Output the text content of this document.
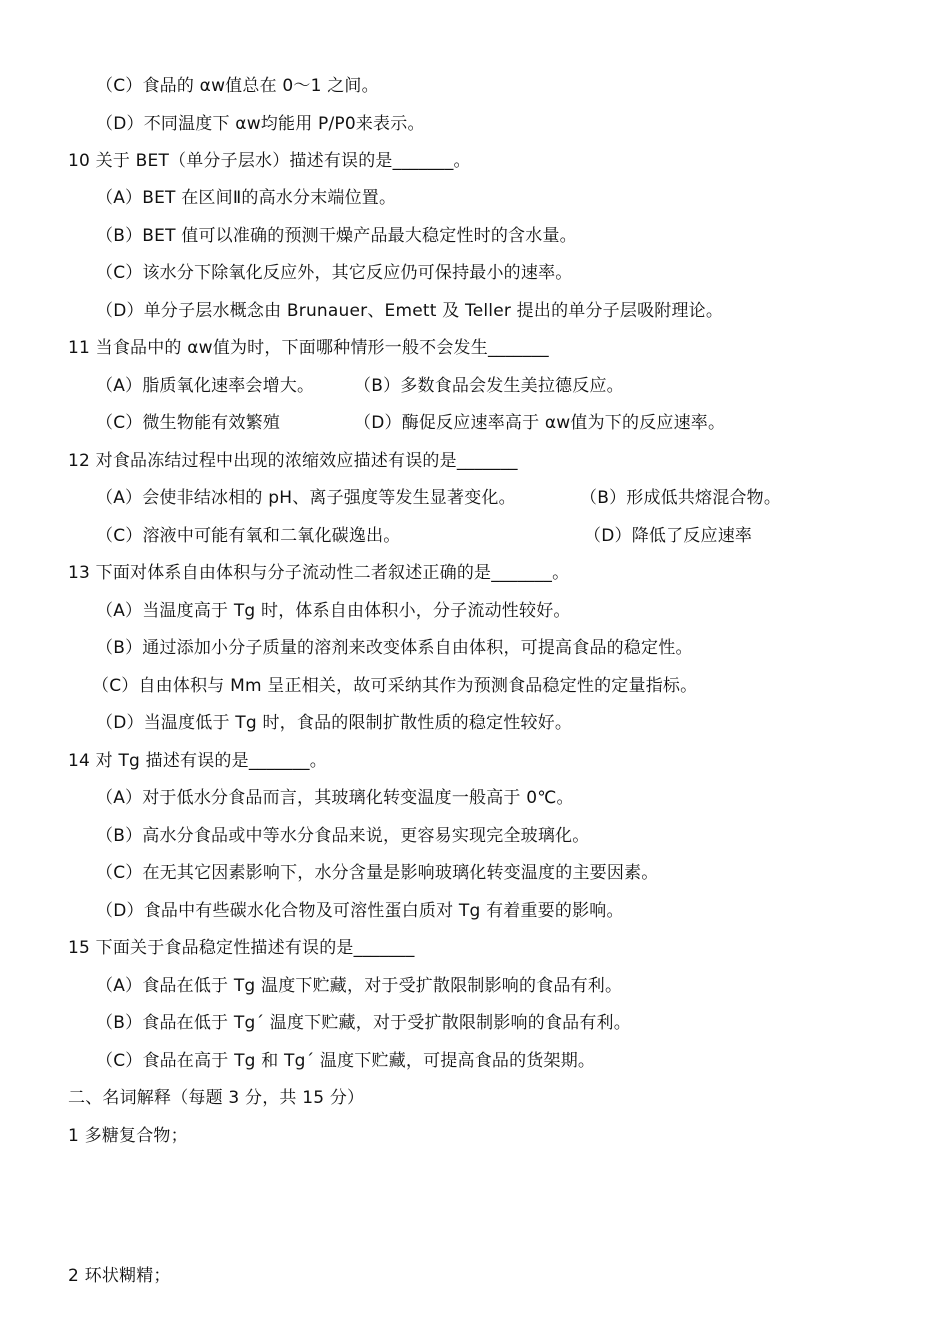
（C）食品的 αw值总在 0～1 之间。
（D）不同温度下 αw均能用 P/P0来表示。
10 关于 BET（单分子层水）描述有误的是_______。
（A）BET 在区间Ⅱ的高水分末端位置。
（B）BET 值可以准确的预测干燥产品最大稳定性时的含水量。
（C）该水分下除氧化反应外，其它反应仍可保持最小的速率。
（D）单分子层水概念由 Brunauer、Emett 及 Teller 提出的单分子层吸附理论。
11 当食品中的 αw值为时，下面哪种情形一般不会发生_______
（A）脂质氧化速率会增大。 （B）多数食品会发生美拉德反应。
（C）微生物能有效繁殖	（D）酶促反应速率高于 αw值为下的反应速率。
12 对食品冻结过程中出现的浓缩效应描述有误的是_______
（A）会使非结冰相的 pH、离子强度等发生显著变化。	（B）形成低共熔混合物。
（C）溶液中可能有氧和二氧化碳逸出。	（D）降低了反应速率
13 下面对体系自由体积与分子流动性二者叙述正确的是_______。
（A）当温度高于 Tg 时，体系自由体积小，分子流动性较好。
（B）通过添加小分子质量的溶剂来改变体系自由体积，可提高食品的稳定性。
（C）自由体积与 Mm 呈正相关，故可采纳其作为预测食品稳定性的定量指标。
（D）当温度低于 Tg 时，食品的限制扩散性质的稳定性较好。
14 对 Tg 描述有误的是_______。
（A）对于低水分食品而言，其玻璃化转变温度一般高于 0℃。
（B）高水分食品或中等水分食品来说，更容易实现完全玻璃化。
（C）在无其它因素影响下，水分含量是影响玻璃化转变温度的主要因素。
（D）食品中有些碳水化合物及可溶性蛋白质对 Tg 有着重要的影响。
15 下面关于食品稳定性描述有误的是_______
（A）食品在低于 Tg 温度下贮藏，对于受扩散限制影响的食品有利。
（B）食品在低于 Tg´ 温度下贮藏，对于受扩散限制影响的食品有利。
（C）食品在高于 Tg 和 Tg´ 温度下贮藏，可提高食品的货架期。
二、名词解释（每题 3 分，共 15 分）
1 多糖复合物；
2 环状糊精；
